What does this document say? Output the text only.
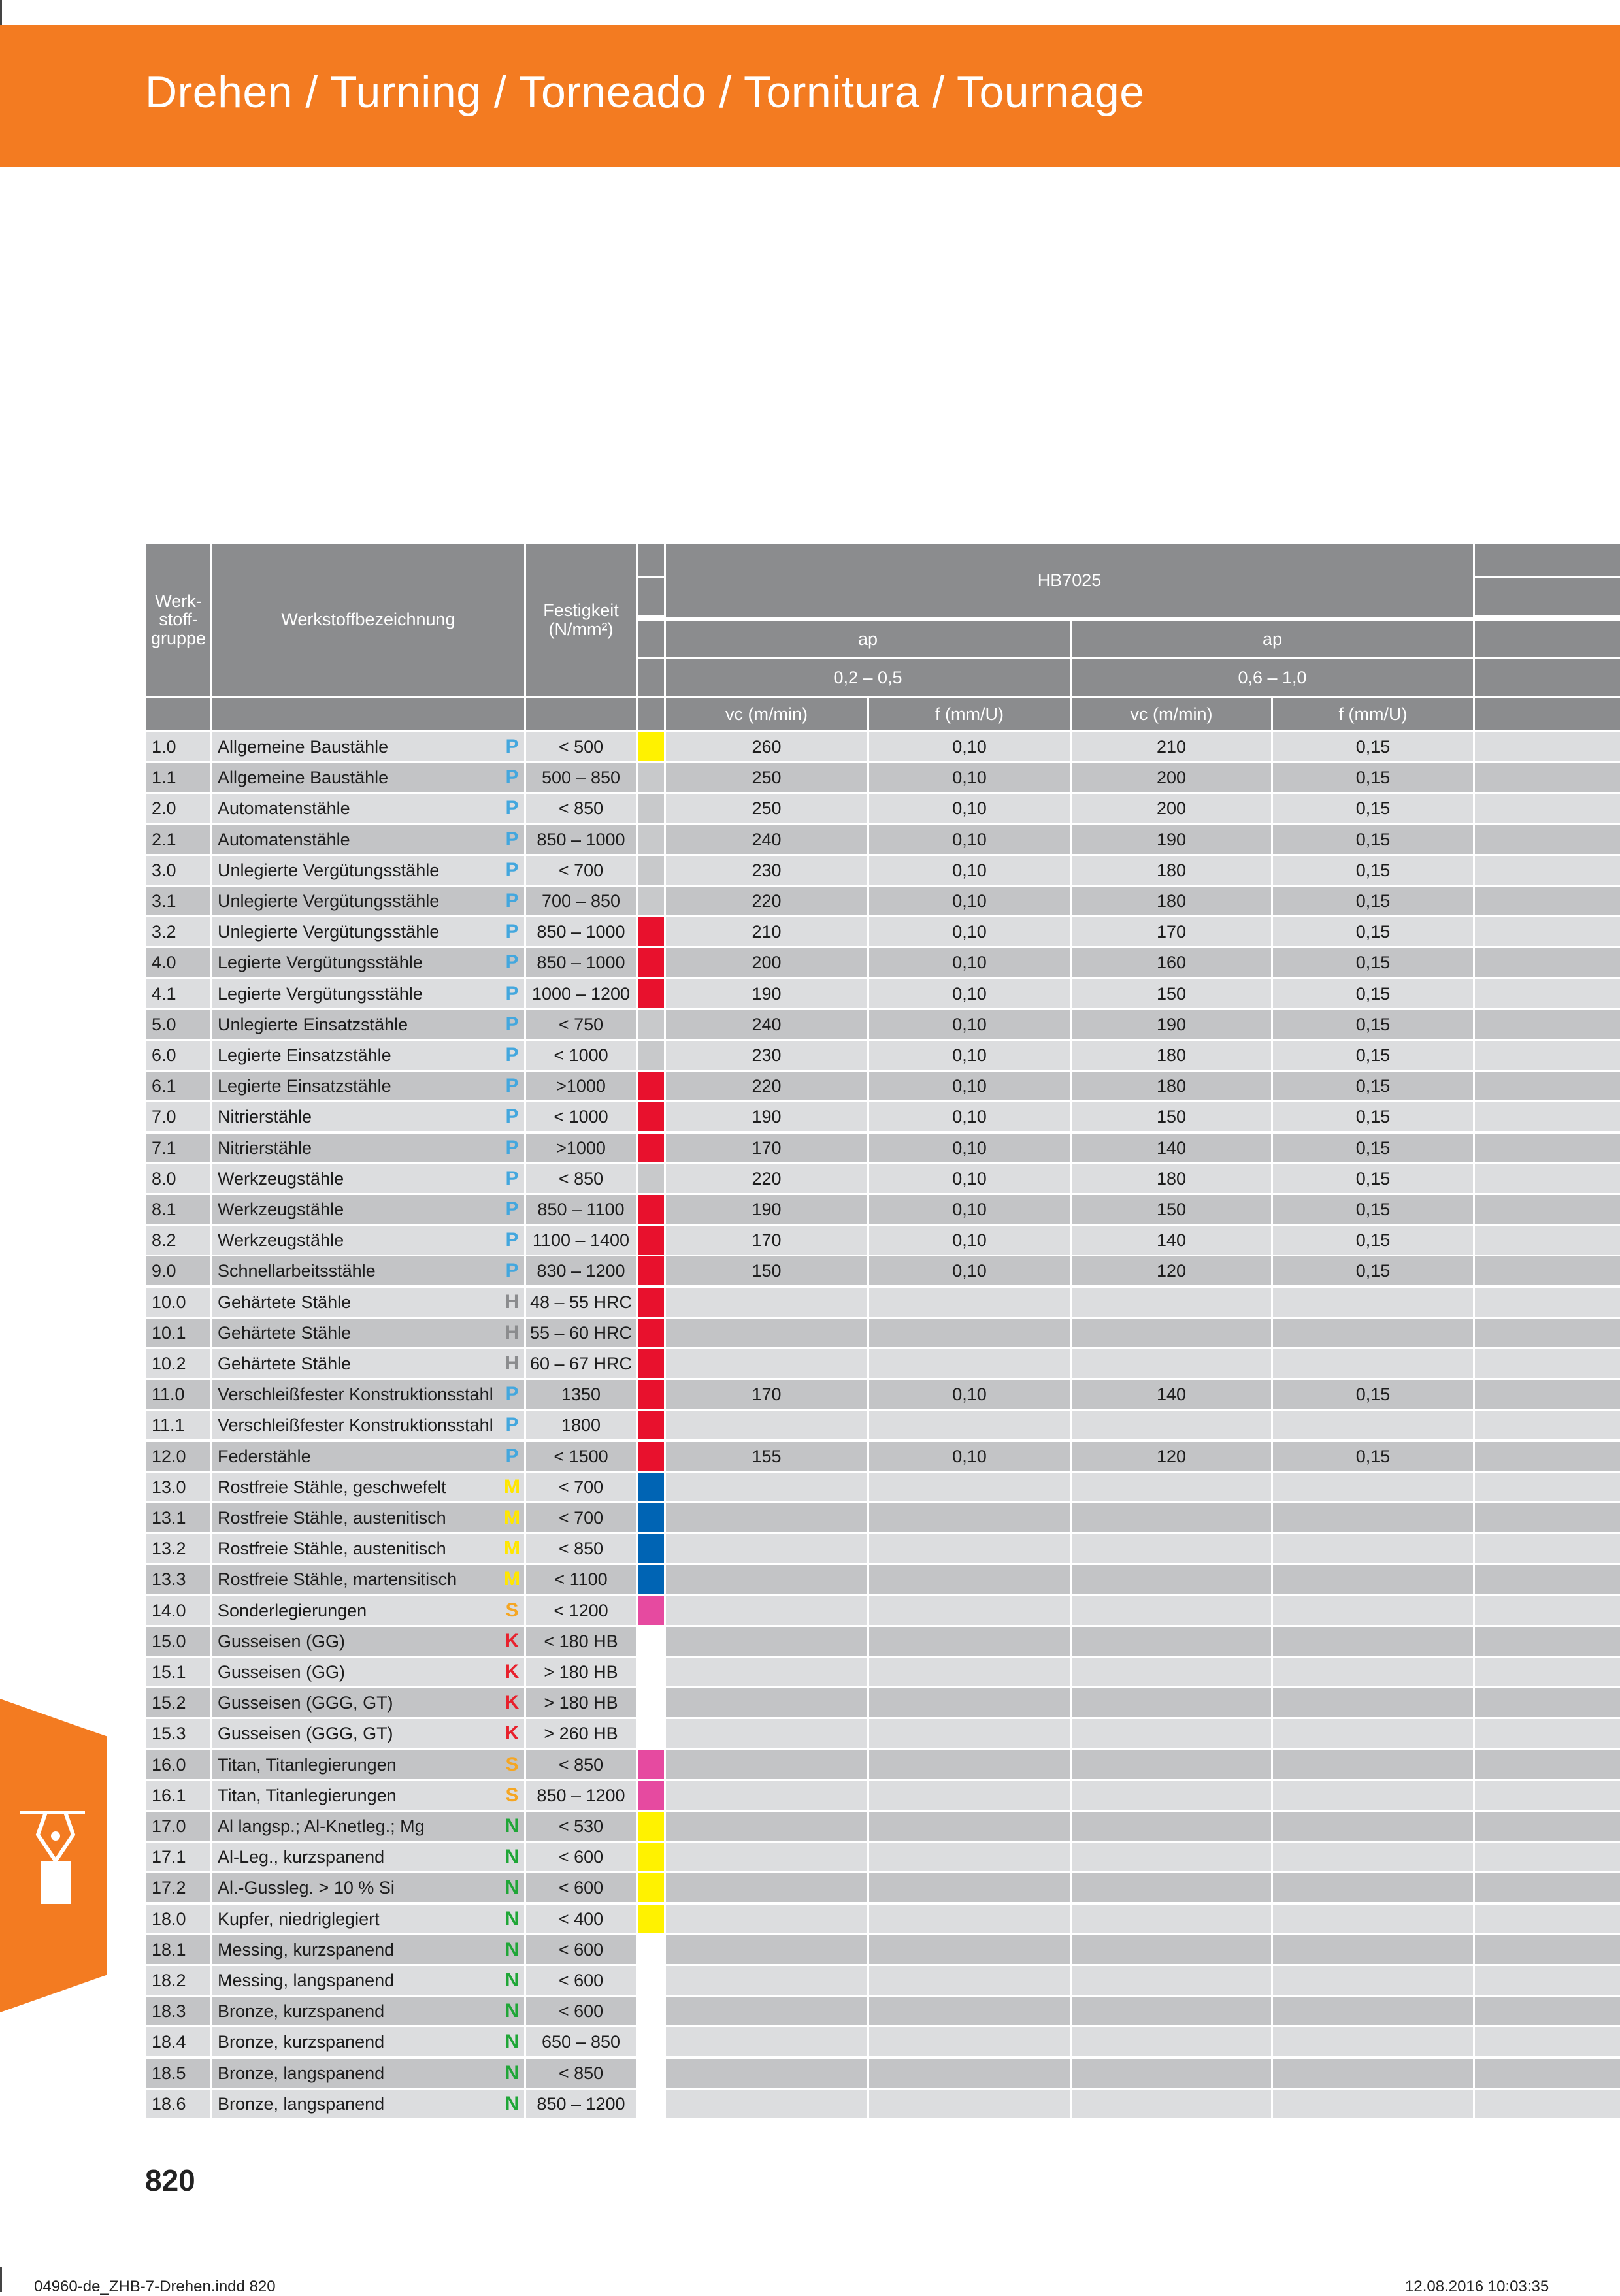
Drehen / Turning / Torneado / Tornitura / Tournage
Werk-
stoff-
gruppe
Werkstoffbezeichnung	Festigkeit
(N/mm²)
HB7025
ap	ap
0,2 – 0,5	0,6 – 1,0
vc (m/min)	f (mm/U)	vc (m/min)	f (mm/U)
1.0	Allgemeine Baustähle	P	< 500	260	0,10	210	0,15
1.1	Allgemeine Baustähle	P	500 – 850	250	0,10	200	0,15
2.0	Automatenstähle	P	< 850	250	0,10	200	0,15
2.1	Automatenstähle	P	850 – 1000	240	0,10	190	0,15
3.0	Unlegierte Vergütungsstähle	P	< 700	230	0,10	180	0,15
3.1	Unlegierte Vergütungsstähle	P	700 – 850	220	0,10	180	0,15
3.2	Unlegierte Vergütungsstähle	P	850 – 1000	210	0,10	170	0,15
4.0	Legierte Vergütungsstähle	P	850 – 1000	200	0,10	160	0,15
4.1	Legierte Vergütungsstähle	P 1000 – 1200	190	0,10	150	0,15
5.0	Unlegierte Einsatzstähle	P	< 750	240	0,10	190	0,15
6.0	Legierte Einsatzstähle	P	< 1000	230	0,10	180	0,15
6.1	Legierte Einsatzstähle	P	>1000	220	0,10	180	0,15
7.0	Nitrierstähle	P	< 1000	190	0,10	150	0,15
7.1	Nitrierstähle	P	>1000	170	0,10	140	0,15
8.0	Werkzeugstähle	P	< 850	220	0,10	180	0,15
8.1	Werkzeugstähle	P	850 – 1100	190	0,10	150	0,15
8.2	Werkzeugstähle	P 1100 – 1400	170	0,10	140	0,15
9.0	Schnellarbeitsstähle	P	830 – 1200	150	0,10	120	0,15
10.0	Gehärtete Stähle	H 48 – 55 HRC
10.1	Gehärtete Stähle	H 55 – 60 HRC
10.2	Gehärtete Stähle	H 60 – 67 HRC
11.0	Verschleißfester Konstruktionsstahl P	1350	170	0,10	140	0,15
11.1	Verschleißfester Konstruktionsstahl P	1800
12.0	Federstähle	P	< 1500	155	0,10	120	0,15
13.0	Rostfreie Stähle, geschwefelt	M	< 700
13.1	Rostfreie Stähle, austenitisch	M	< 700
13.2	Rostfreie Stähle, austenitisch	M	< 850
13.3	Rostfreie Stähle, martensitisch	M	< 1100
14.0	Sonderlegierungen	S	< 1200
15.0	Gusseisen (GG)	K	< 180 HB
15.1	Gusseisen (GG)	K	> 180 HB
15.2	Gusseisen (GGG, GT)	K	> 180 HB
15.3	Gusseisen (GGG, GT)	K	> 260 HB
16.0	Titan, Titanlegierungen	S	< 850
16.1	Titan, Titanlegierungen	S	850 – 1200
17.0	Al langsp.; Al-Knetleg.; Mg	N	< 530
17.1	Al-Leg., kurzspanend	N	< 600
17.2	Al.-Gussleg. > 10 % Si	N	< 600
18.0	Kupfer, niedriglegiert	N	< 400
18.1	Messing, kurzspanend	N	< 600
18.2	Messing, langspanend	N	< 600
18.3	Bronze, kurzspanend	N	< 600
18.4	Bronze, kurzspanend	N	650 – 850
18.5	Bronze, langspanend	N	< 850
18.6	Bronze, langspanend	N	850 – 1200
820
04960-de_ZHB-7-Drehen.indd 820	12.08.2016 10:03:35
